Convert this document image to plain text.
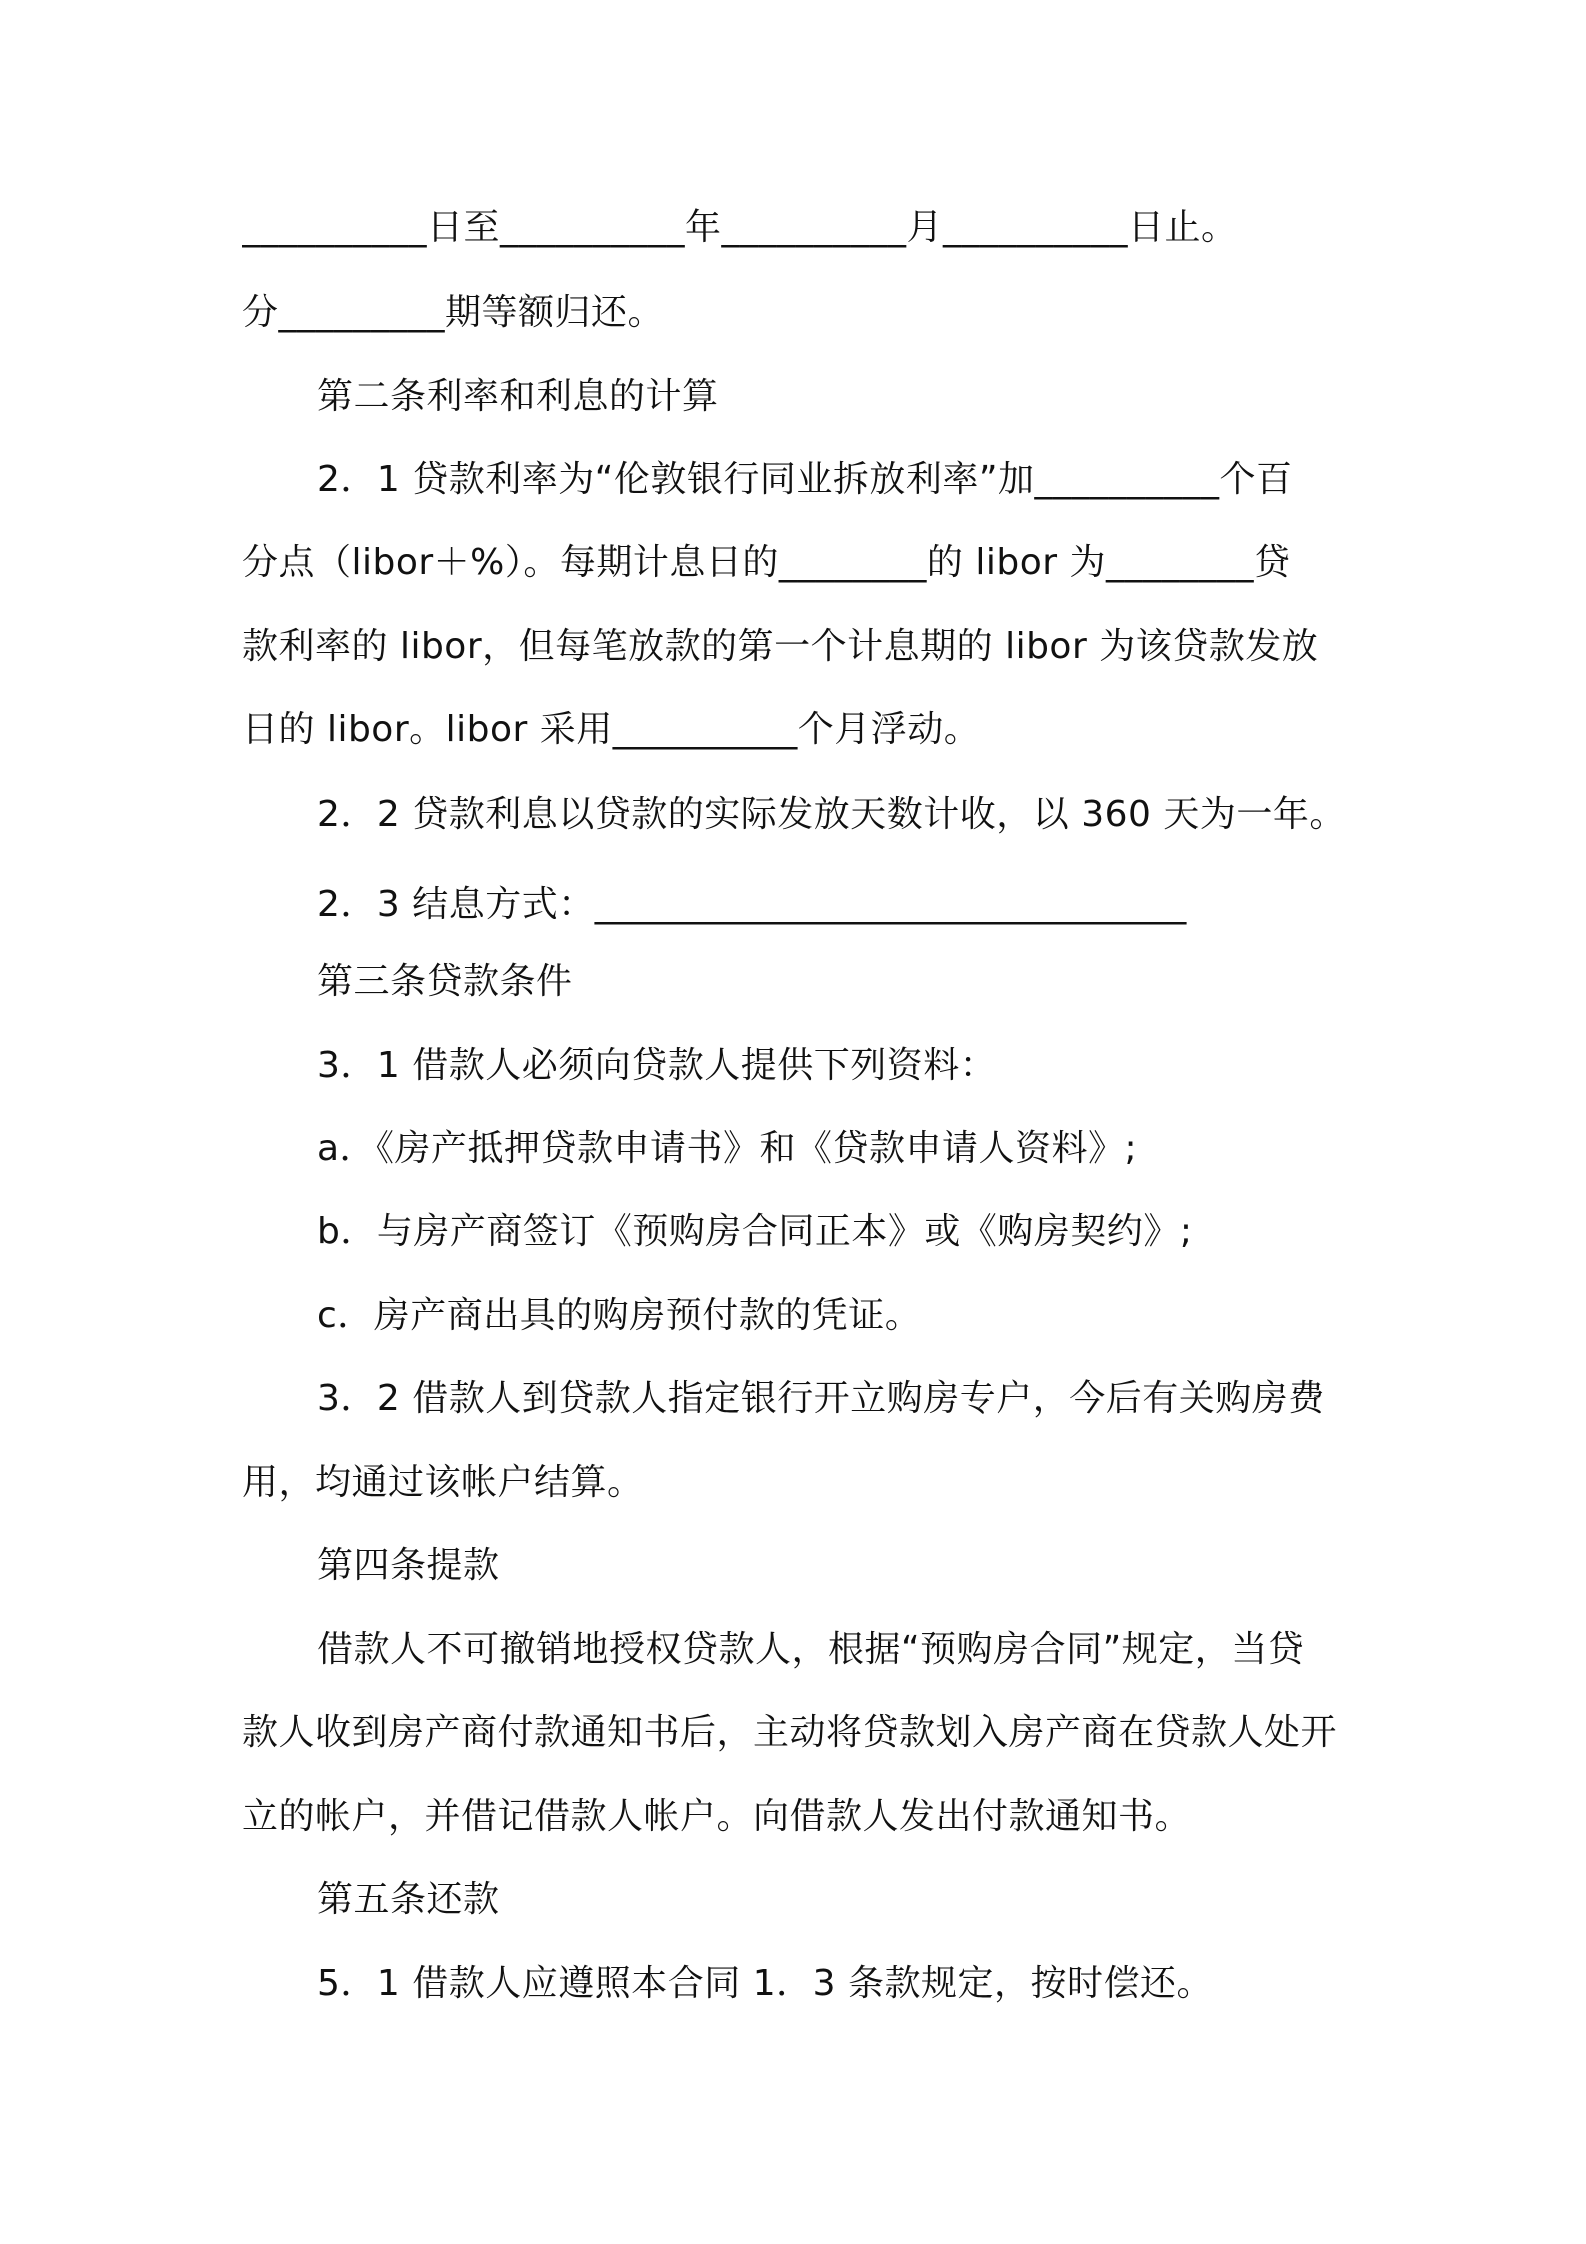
__________日至__________年__________月__________日止。
分_________期等额归还。
第二条利率和利息的计算
2．1 贷款利率为“伦敦银行同业拆放利率”加__________个百
分点（libor＋%）。每期计息日的________的 libor 为________贷
款利率的 libor，但每笔放款的第一个计息期的 libor 为该贷款发放
日的 libor。libor 采用__________个月浮动。
2．2 贷款利息以贷款的实际发放天数计收，以 360 天为一年。
2．3 结息方式：________________________________
第三条贷款条件
3．1 借款人必须向贷款人提供下列资料：
a．《房产抵押贷款申请书》和《贷款申请人资料》;
b．与房产商签订《预购房合同正本》或《购房契约》;
c．房产商出具的购房预付款的凭证。
3．2 借款人到贷款人指定银行开立购房专户，今后有关购房费
用，均通过该帐户结算。
第四条提款
借款人不可撤销地授权贷款人，根据“预购房合同”规定，当贷
款人收到房产商付款通知书后，主动将贷款划入房产商在贷款人处开
立的帐户，并借记借款人帐户。向借款人发出付款通知书。
第五条还款
5．1 借款人应遵照本合同 1．3 条款规定，按时偿还。
